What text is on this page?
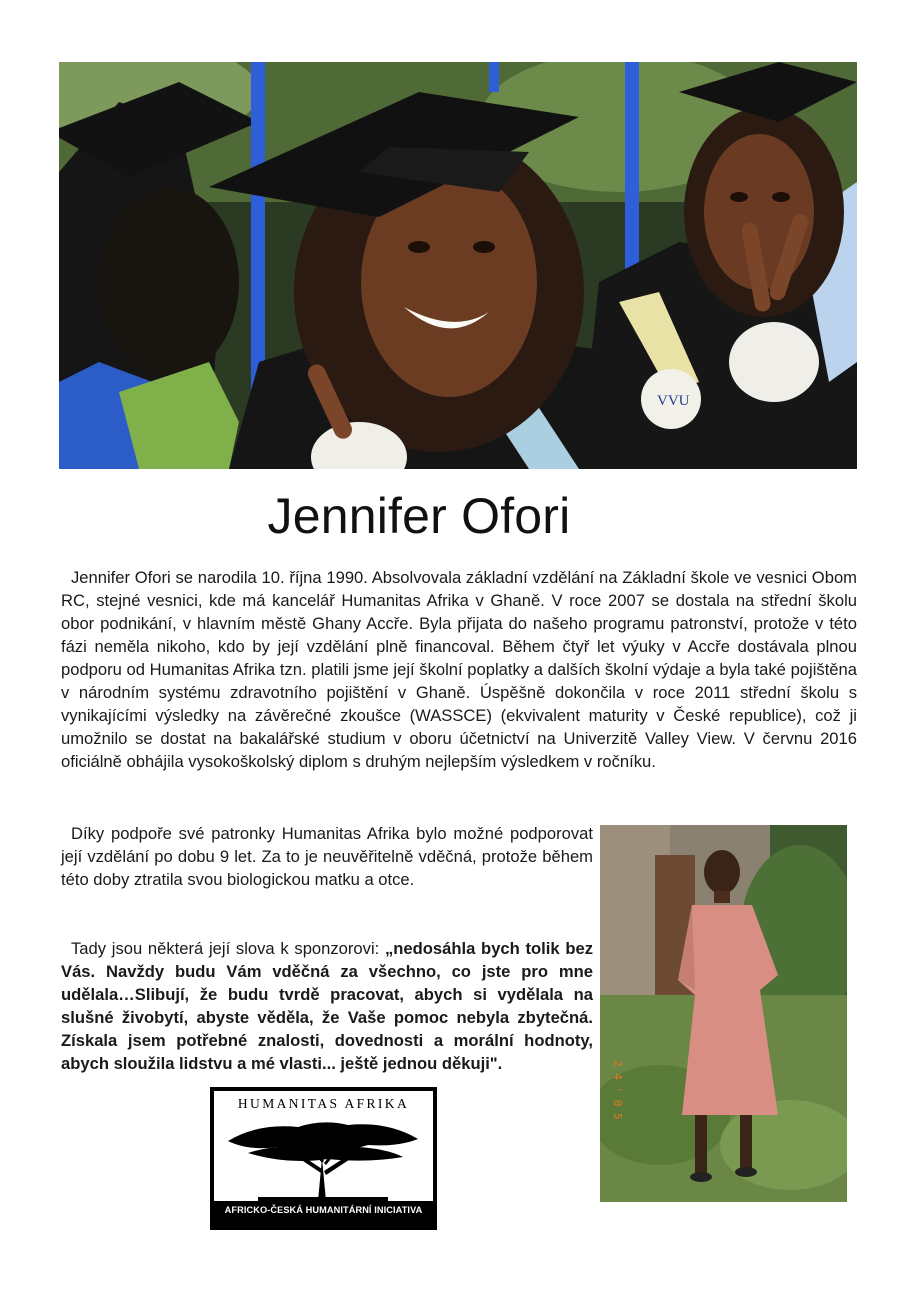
VVU
Jennifer Ofori

Jennifer Ofori se narodila 10. října 1990. Absolvovala základní vzdělání na Základní škole ve vesnici Obom RC, stejné vesnici, kde má kancelář Humanitas Afrika v Ghaně. V roce 2007 se dostala na střední školu obor podnikání, v hlavním městě Ghany Accře. Byla přijata do našeho programu patronství, protože v této fázi neměla nikoho, kdo by její vzdělání plně financoval. Během čtyř let výuky v Accře dostávala plnou podporu od Humanitas Afrika tzn. platili jsme její školní poplatky a dalších školní výdaje a byla také pojištěna v národním systému zdravotního pojištění v Ghaně. Úspěšně dokončila v roce 2011 střední školu s vynikajícími výsledky na závěrečné zkoušce (WASSCE) (ekvivalent maturity v České republice), což ji umožnilo se dostat na bakalářské studium v oboru účetnictví na Univerzitě Valley View. V červnu 2016 oficiálně obhájila vysokoškolský diplom s druhým nejlepším výsledkem v ročníku.

Díky podpoře své patronky Humanitas Afrika bylo možné podporovat její vzdělání po dobu 9 let. Za to je neuvěřitelně vděčná, protože během této doby ztratila svou biologickou matku a otce.

Tady jsou některá její slova k sponzorovi: „nedosáhla bych tolik bez Vás. Navždy budu Vám vděčná za všechno, co jste pro mne udělala…Slibují, že budu tvrdě pracovat, abych si vydělala na slušné živobytí, abyste věděla, že Vaše pomoc nebyla zbytečná. Získala jsem potřebné znalosti, dovednosti a morální hodnoty, abych sloužila lidstvu a mé vlasti... ještě jednou děkuji".	2 4 ' 0 5
HUMANITAS AFRIKA
AFRICKO-ČESKÁ HUMANITÁRNÍ INICIATIVA
